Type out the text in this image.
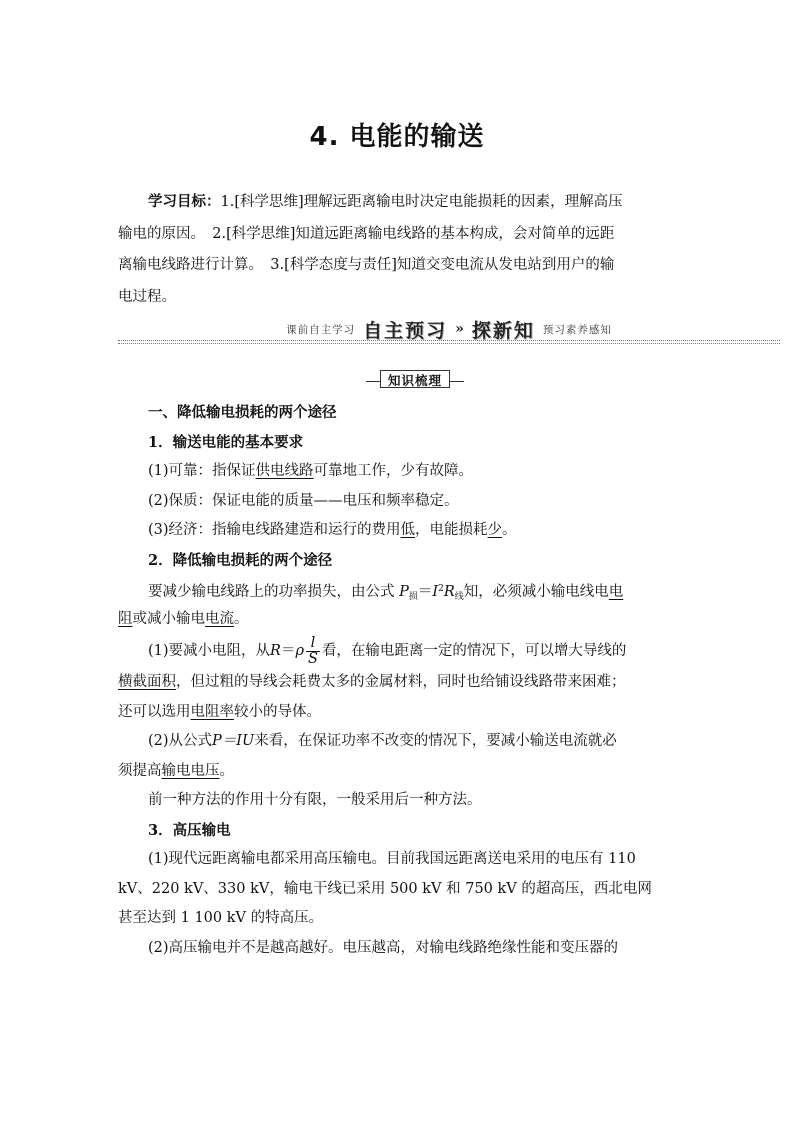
4. 电能的输送
学习目标：1.[科学思维]理解远距离输电时决定电能损耗的因素，理解高压
输电的原因。　2.[科学思维]知道远距离输电线路的基本构成，会对简单的远距
离输电线路进行计算。　3.[科学态度与责任]知道交变电流从发电站到用户的输
电过程。
课前自主学习 自主预习 » 探新知 预习素养感知
知识梳理
一、降低输电损耗的两个途径
1．输送电能的基本要求
(1)可靠：指保证供电线路可靠地工作，少有故障。
(2)保质：保证电能的质量——电压和频率稳定。
(3)经济：指输电线路建造和运行的费用低，电能损耗少。
2．降低输电损耗的两个途径
要减少输电线路上的功率损失，由公式 $P_损=I^2R_线$知，必须减小输电线电电
阻或减小输电电流。
(1)要减小电阻，从$R=\rho \frac{l}{S}$ 看，在输电距离一定的情况下，可以增大导线的
横截面积，但过粗的导线会耗费太多的金属材料，同时也给铺设线路带来困难；
还可以选用电阻率较小的导体。
(2)从公式P＝IU来看，在保证功率不改变的情况下，要减小输送电流就必
须提高输电电压。
前一种方法的作用十分有限，一般采用后一种方法。
3．高压输电
(1)现代远距离输电都采用高压输电。目前我国远距离送电采用的电压有 110
kV、220 kV、330 kV，输电干线已采用 500 kV 和 750 kV 的超高压，西北电网
甚至达到 1 100 kV 的特高压。
(2)高压输电并不是越高越好。电压越高，对输电线路绝缘性能和变压器的
